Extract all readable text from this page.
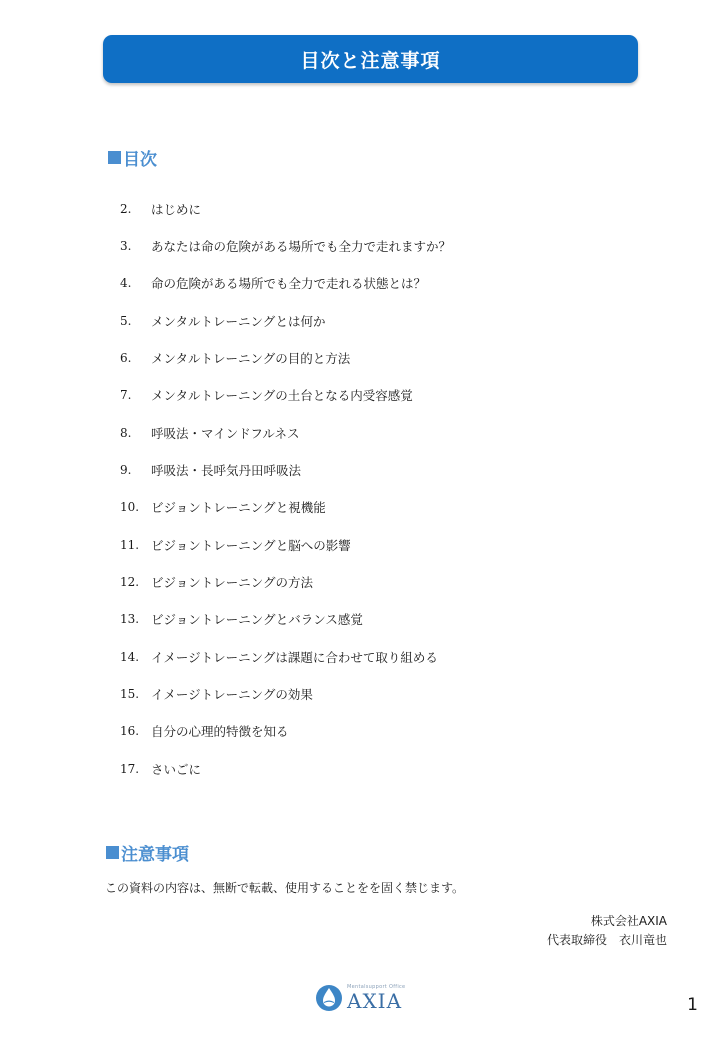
目次と注意事項
目次
2.	はじめに
3.	あなたは命の危険がある場所でも全力で走れますか？
4.	命の危険がある場所でも全力で走れる状態とは？
5.	メンタルトレーニングとは何か
6.	メンタルトレーニングの目的と方法
7.	メンタルトレーニングの土台となる内受容感覚
8.	呼吸法・マインドフルネス
9.	呼吸法・長呼気丹田呼吸法
10. ビジョントレーニングと視機能
11. ビジョントレーニングと脳への影響
12. ビジョントレーニングの方法
13. ビジョントレーニングとバランス感覚
14. イメージトレーニングは課題に合わせて取り組める
15. イメージトレーニングの効果
16. 自分の心理的特徴を知る
17. さいごに
注意事項
この資料の内容は、無断で転載、使用することをを固く禁じます。
株式会社AXIA
代表取締役　衣川竜也
Mentalsupport Office
AXIA	1
